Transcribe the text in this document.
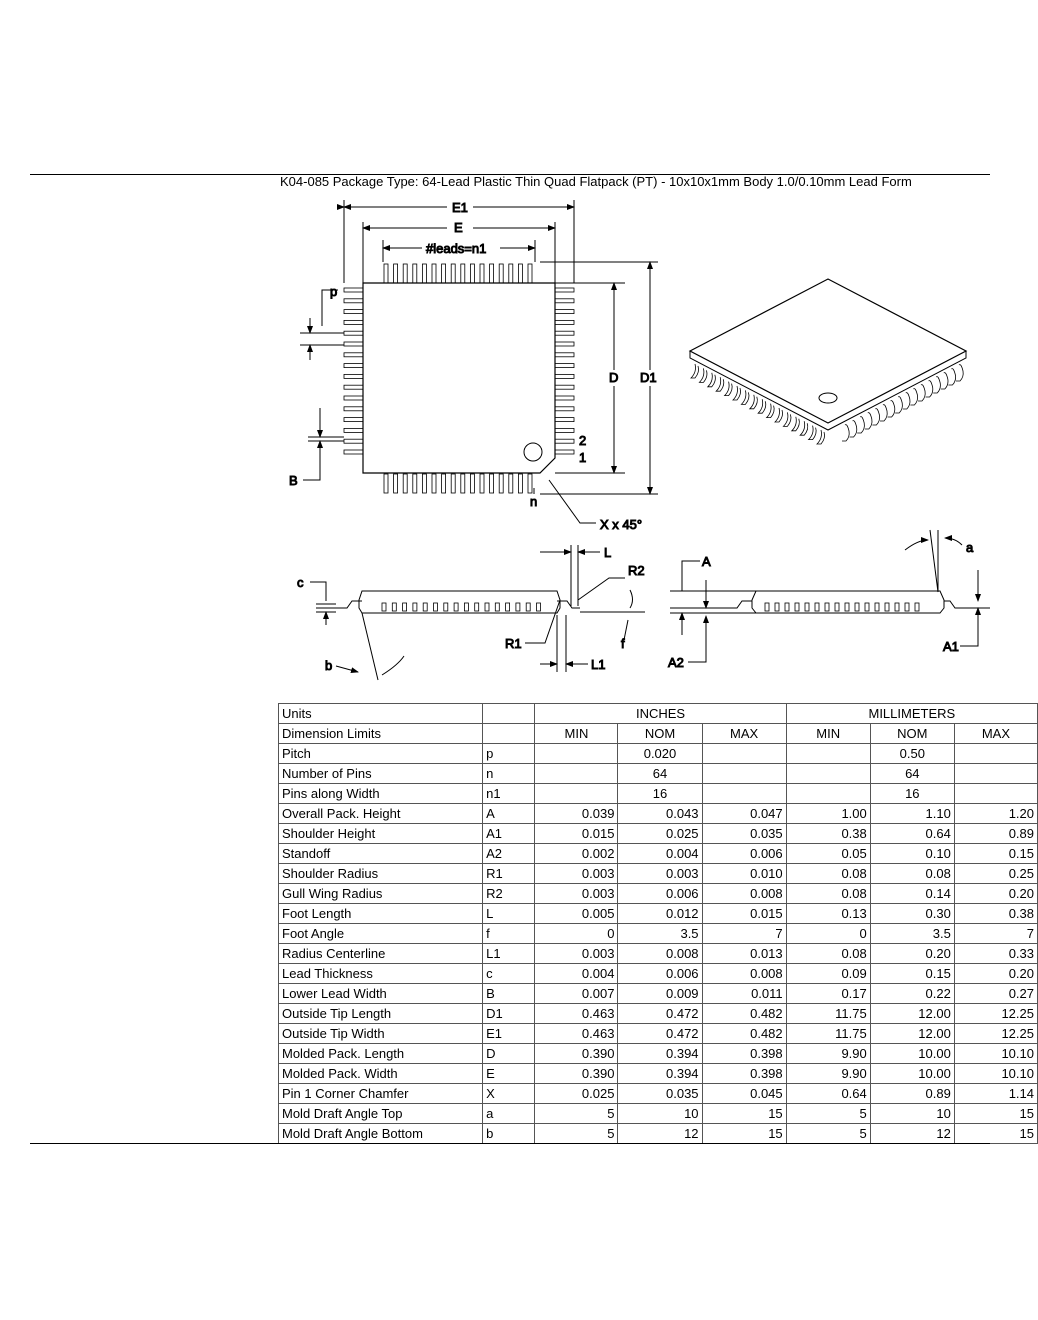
K04-085 Package Type: 64-Lead Plastic Thin Quad Flatpack (PT) - 10x10x1mm Body 1.0/0.10mm Lead Form
E1
E
#leads=n1
p
D D1
2
1
B
n
X x 45°
L
R2
c
R1	f
b	L1
A
a
A2
A1
Units		INCHES			MILLIMETERS		
Dimension Limits		MIN	NOM	MAX	MIN	NOM	MAX
Pitch	p		0.020			0.50	
Number of Pins	n		64			64	
Pins along Width	n1		16			16	
Overall Pack. Height	A	0.039	0.043	0.047	1.00	1.10	1.20
Shoulder Height	A1	0.015	0.025	0.035	0.38	0.64	0.89
Standoff	A2	0.002	0.004	0.006	0.05	0.10	0.15
Shoulder Radius	R1	0.003	0.003	0.010	0.08	0.08	0.25
Gull Wing Radius	R2	0.003	0.006	0.008	0.08	0.14	0.20
Foot Length	L	0.005	0.012	0.015	0.13	0.30	0.38
Foot Angle	f	0	3.5	7	0	3.5	7
Radius Centerline	L1	0.003	0.008	0.013	0.08	0.20	0.33
Lead Thickness	c	0.004	0.006	0.008	0.09	0.15	0.20
Lower Lead Width	B	0.007	0.009	0.011	0.17	0.22	0.27
Outside Tip Length	D1	0.463	0.472	0.482	11.75	12.00	12.25
Outside Tip Width	E1	0.463	0.472	0.482	11.75	12.00	12.25
Molded Pack. Length	D	0.390	0.394	0.398	9.90	10.00	10.10
Molded Pack. Width	E	0.390	0.394	0.398	9.90	10.00	10.10
Pin 1 Corner Chamfer	X	0.025	0.035	0.045	0.64	0.89	1.14
Mold Draft Angle Top	a	5	10	15	5	10	15
Mold Draft Angle Bottom	b	5	12	15	5	12	15
